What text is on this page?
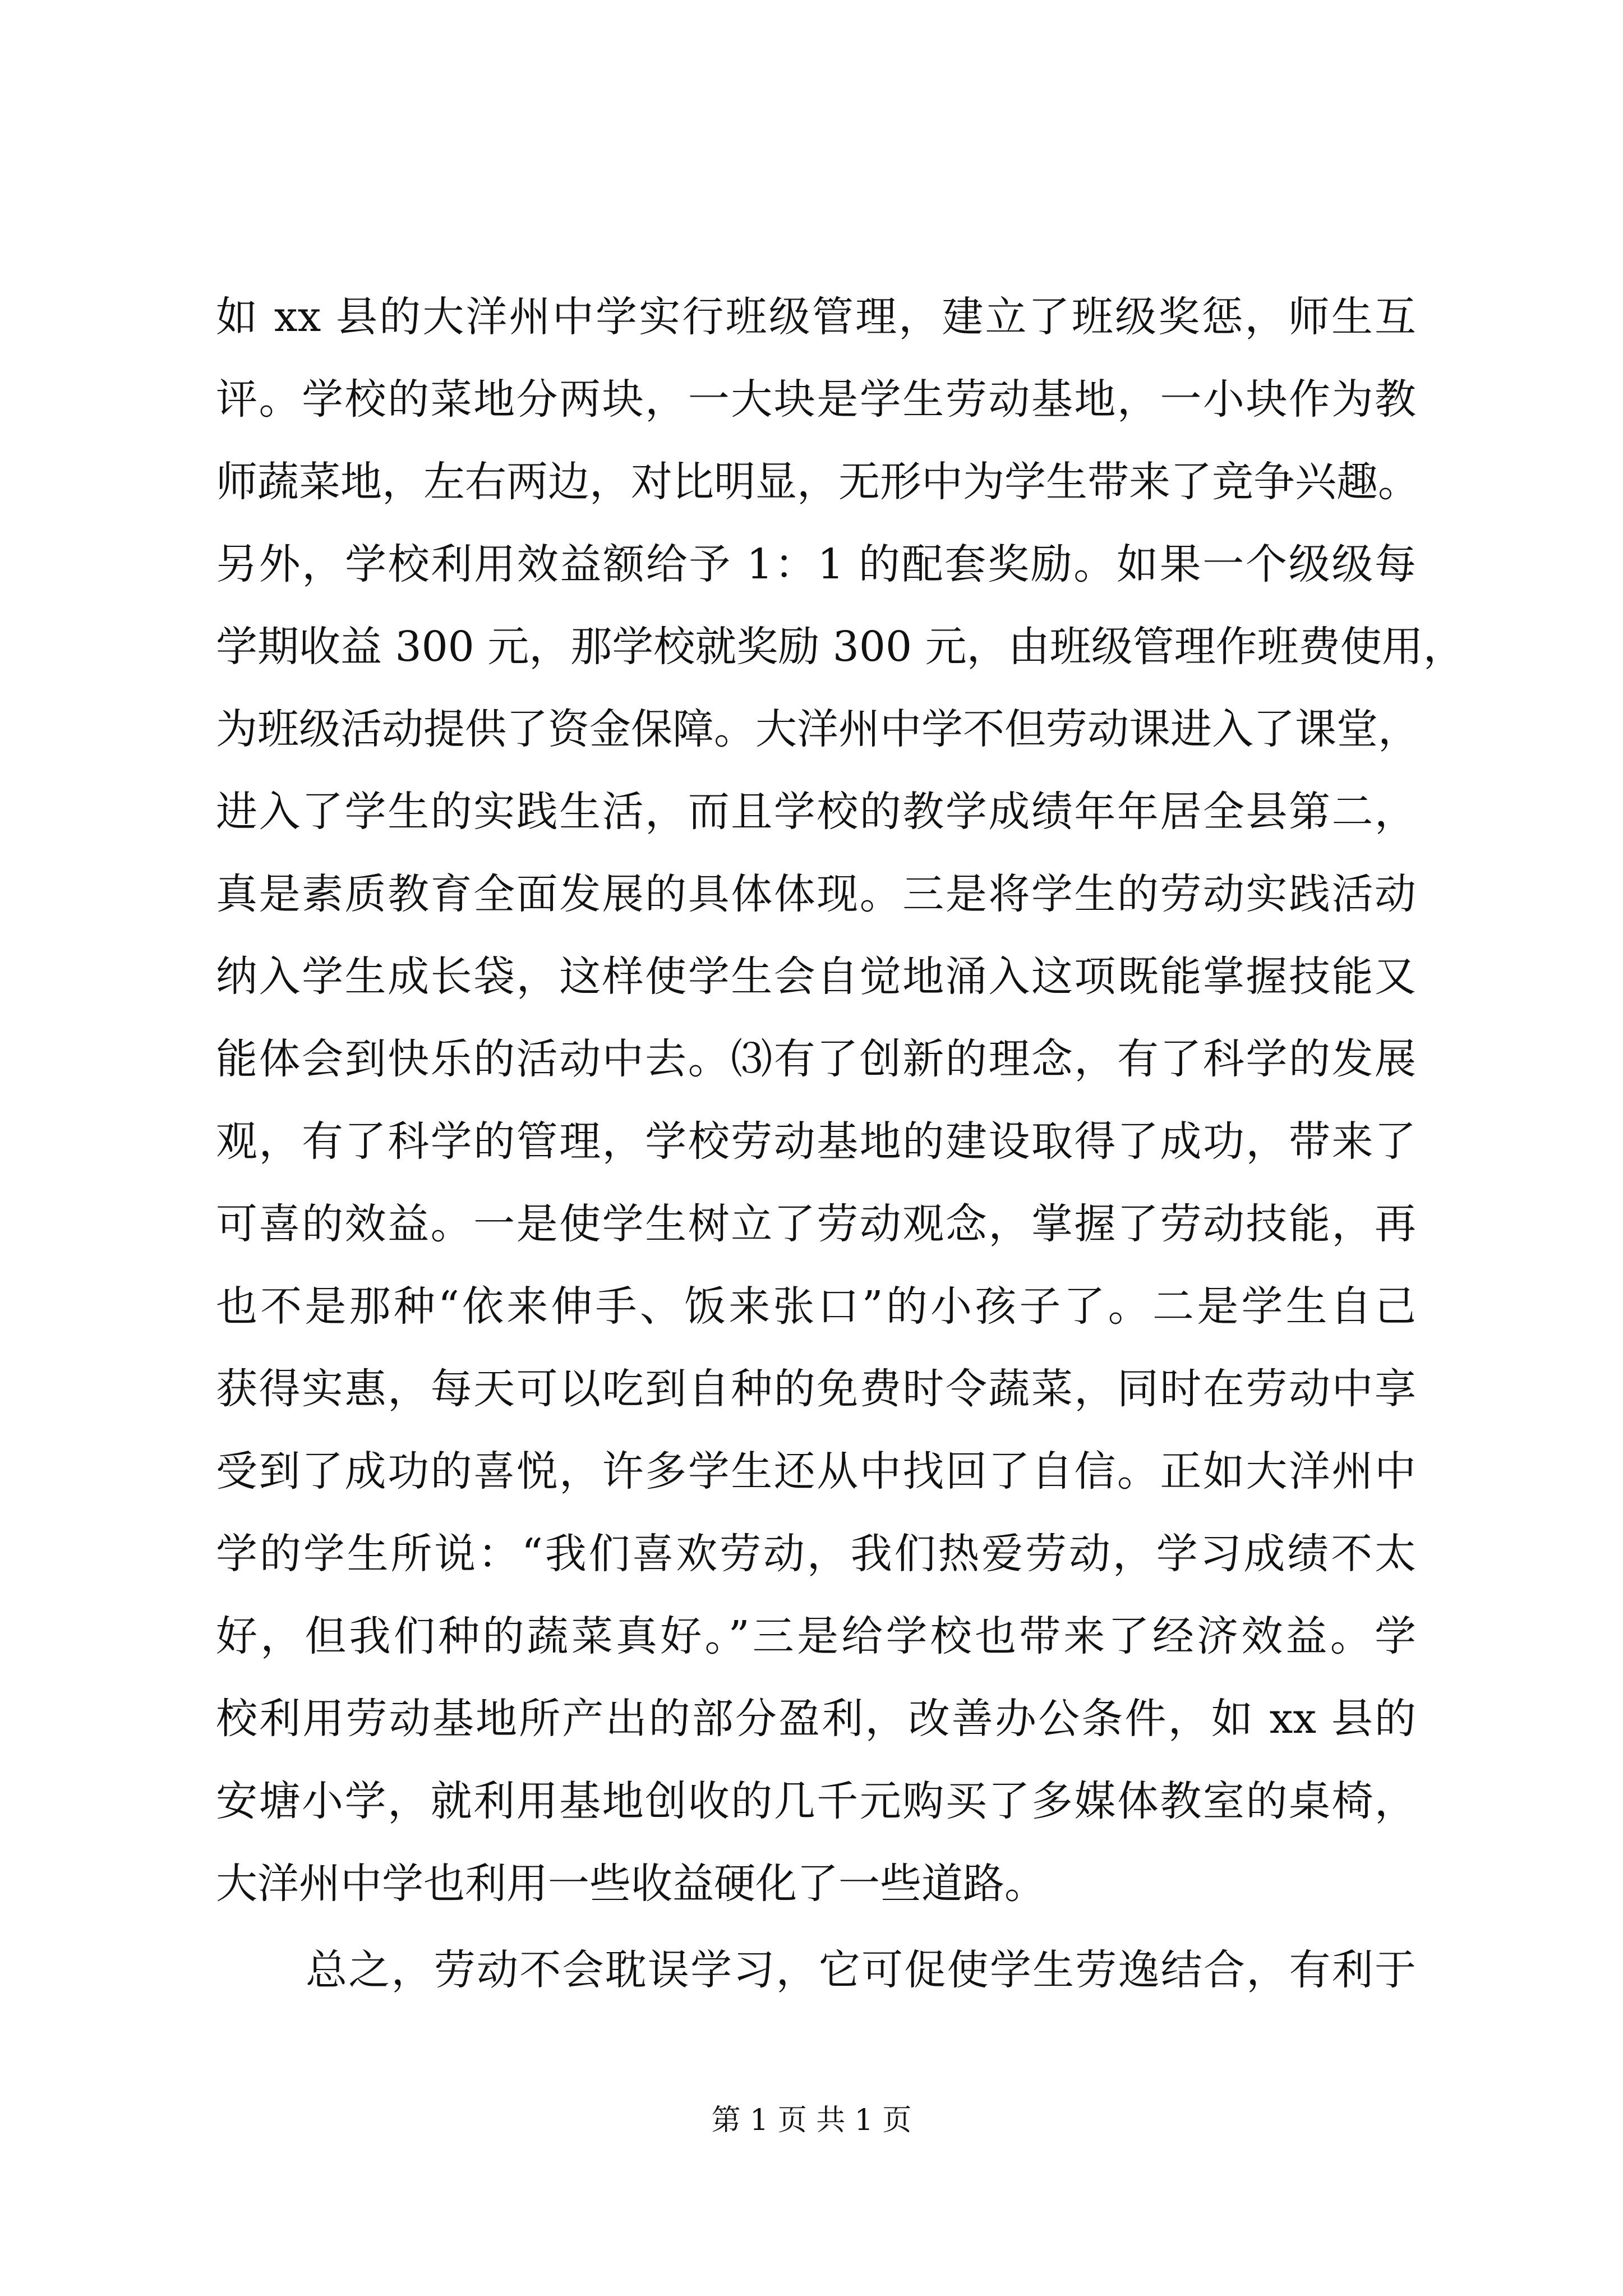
如 xx 县的大洋州中学实行班级管理，建立了班级奖惩，师生互
评。学校的菜地分两块，一大块是学生劳动基地，一小块作为教
师蔬菜地，左右两边，对比明显，无形中为学生带来了竞争兴趣。
另外，学校利用效益额给予 1：1 的配套奖励。如果一个级级每
学期收益 300 元，那学校就奖励 300 元，由班级管理作班费使用，
为班级活动提供了资金保障。大洋州中学不但劳动课进入了课堂，
进入了学生的实践生活，而且学校的教学成绩年年居全县第二，
真是素质教育全面发展的具体体现。三是将学生的劳动实践活动
纳入学生成长袋，这样使学生会自觉地涌入这项既能掌握技能又
能体会到快乐的活动中去。⑶有了创新的理念，有了科学的发展
观，有了科学的管理，学校劳动基地的建设取得了成功，带来了
可喜的效益。一是使学生树立了劳动观念，掌握了劳动技能，再
也不是那种“依来伸手、饭来张口”的小孩子了。二是学生自己
获得实惠，每天可以吃到自种的免费时令蔬菜，同时在劳动中享
受到了成功的喜悦，许多学生还从中找回了自信。正如大洋州中
学的学生所说：“我们喜欢劳动，我们热爱劳动，学习成绩不太
好，但我们种的蔬菜真好。”三是给学校也带来了经济效益。学
校利用劳动基地所产出的部分盈利，改善办公条件，如 xx 县的
安塘小学，就利用基地创收的几千元购买了多媒体教室的桌椅，
大洋州中学也利用一些收益硬化了一些道路。
总之，劳动不会耽误学习，它可促使学生劳逸结合，有利于
第 1 页 共 1 页
